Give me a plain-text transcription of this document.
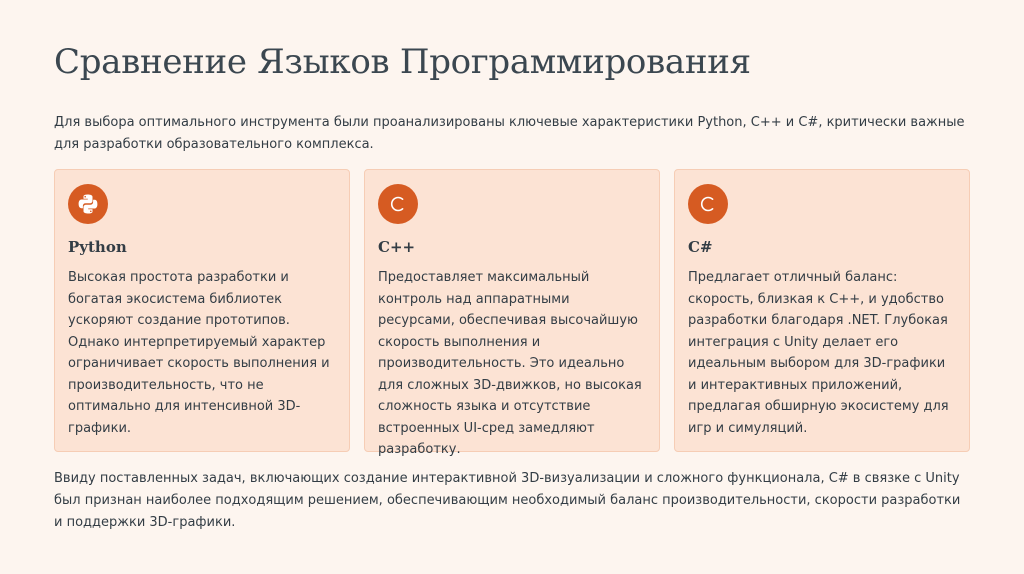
Сравнение Языков Программирования

Для выбора оптимального инструмента были проанализированы ключевые характеристики Python, C++ и C#, критически важные для разработки образовательного комплекса.

Python

Высокая простота разработки и богатая экосистема библиотек ускоряют создание прототипов. Однако интерпретируемый характер ограничивает скорость выполнения и производительность, что не оптимально для интенсивной 3D-графики.

C++

Предоставляет максимальный контроль над аппаратными ресурсами, обеспечивая высочайшую скорость выполнения и производительность. Это идеально для сложных 3D-движков, но высокая сложность языка и отсутствие встроенных UI-сред замедляют разработку.

C#

Предлагает отличный баланс: скорость, близкая к C++, и удобство разработки благодаря .NET. Глубокая интеграция с Unity делает его идеальным выбором для 3D-графики и интерактивных приложений, предлагая обширную экосистему для игр и симуляций.

Ввиду поставленных задач, включающих создание интерактивной 3D-визуализации и сложного функционала, C# в связке с Unity был признан наиболее подходящим решением, обеспечивающим необходимый баланс производительности, скорости разработки и поддержки 3D-графики.
